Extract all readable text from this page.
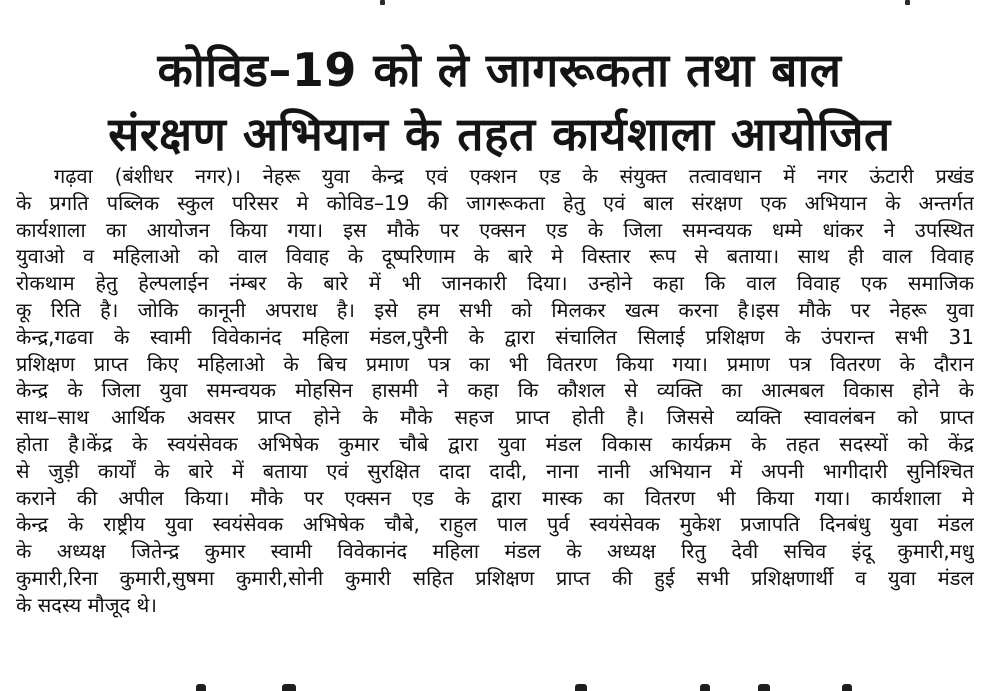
कोविड–19 को ले जागरूकता तथा बाल
संरक्षण अभियान के तहत कार्यशाला आयोजित
गढ़वा (बंशीधर नगर)। नेहरू युवा केन्द्र एवं एक्शन एड के संयुक्त तत्वावधान में नगर ऊंटारी प्रखंड
के प्रगति पब्लिक स्कुल परिसर मे कोविड–19 की जागरूकता हेतु एवं बाल संरक्षण एक अभियान के अन्तर्गत
कार्यशाला का आयोजन किया गया। इस मौके पर एक्सन एड के जिला समन्वयक धम्मे धांकर ने उपस्थित
युवाओ व महिलाओ को वाल विवाह के दूष्परिणाम के बारे मे विस्तार रूप से बताया। साथ ही वाल विवाह
रोकथाम हेतु हेल्पलाईन नंम्बर के बारे में भी जानकारी दिया। उन्होने कहा कि वाल विवाह एक समाजिक
कू रिति है। जोकि कानूनी अपराध है। इसे हम सभी को मिलकर खत्म करना है।इस मौके पर नेहरू युवा
केन्द्र,गढवा के स्वामी विवेकानंद महिला मंडल,पुरैनी के द्वारा संचालित सिलाई प्रशिक्षण के उंपरान्त सभी 31
प्रशिक्षण प्राप्त किए महिलाओ के बिच प्रमाण पत्र का भी वितरण किया गया। प्रमाण पत्र वितरण के दौरान
केन्द्र के जिला युवा समन्वयक मोहसिन हासमी ने कहा कि कौशल से व्यक्ति का आत्मबल विकास होने के
साथ–साथ आर्थिक अवसर प्राप्त होने के मौके सहज प्राप्त होती है। जिससे व्यक्ति स्वावलंबन को प्राप्त
होता है।केंद्र के स्वयंसेवक अभिषेक कुमार चौबे द्वारा युवा मंडल विकास कार्यक्रम के तहत सदस्यों को केंद्र
से जुड़ी कार्यों के बारे में बताया एवं सुरक्षित दादा दादी, नाना नानी अभियान में अपनी भागीदारी सुनिश्चित
कराने की अपील किया। मौके पर एक्सन एड के द्वारा मास्क का वितरण भी किया गया। कार्यशाला मे
केन्द्र के राष्ट्रीय युवा स्वयंसेवक अभिषेक चौबे, राहुल पाल पुर्व स्वयंसेवक मुकेश प्रजापति दिनबंधु युवा मंडल
के अध्यक्ष जितेन्द्र कुमार स्वामी विवेकानंद महिला मंडल के अध्यक्ष रितु देवी सचिव इंदू कुमारी,मधु
कुमारी,रिना कुमारी,सुषमा कुमारी,सोनी कुमारी सहित प्रशिक्षण प्राप्त की हुई सभी प्रशिक्षणार्थी व युवा मंडल
के सदस्य मौजूद थे।
